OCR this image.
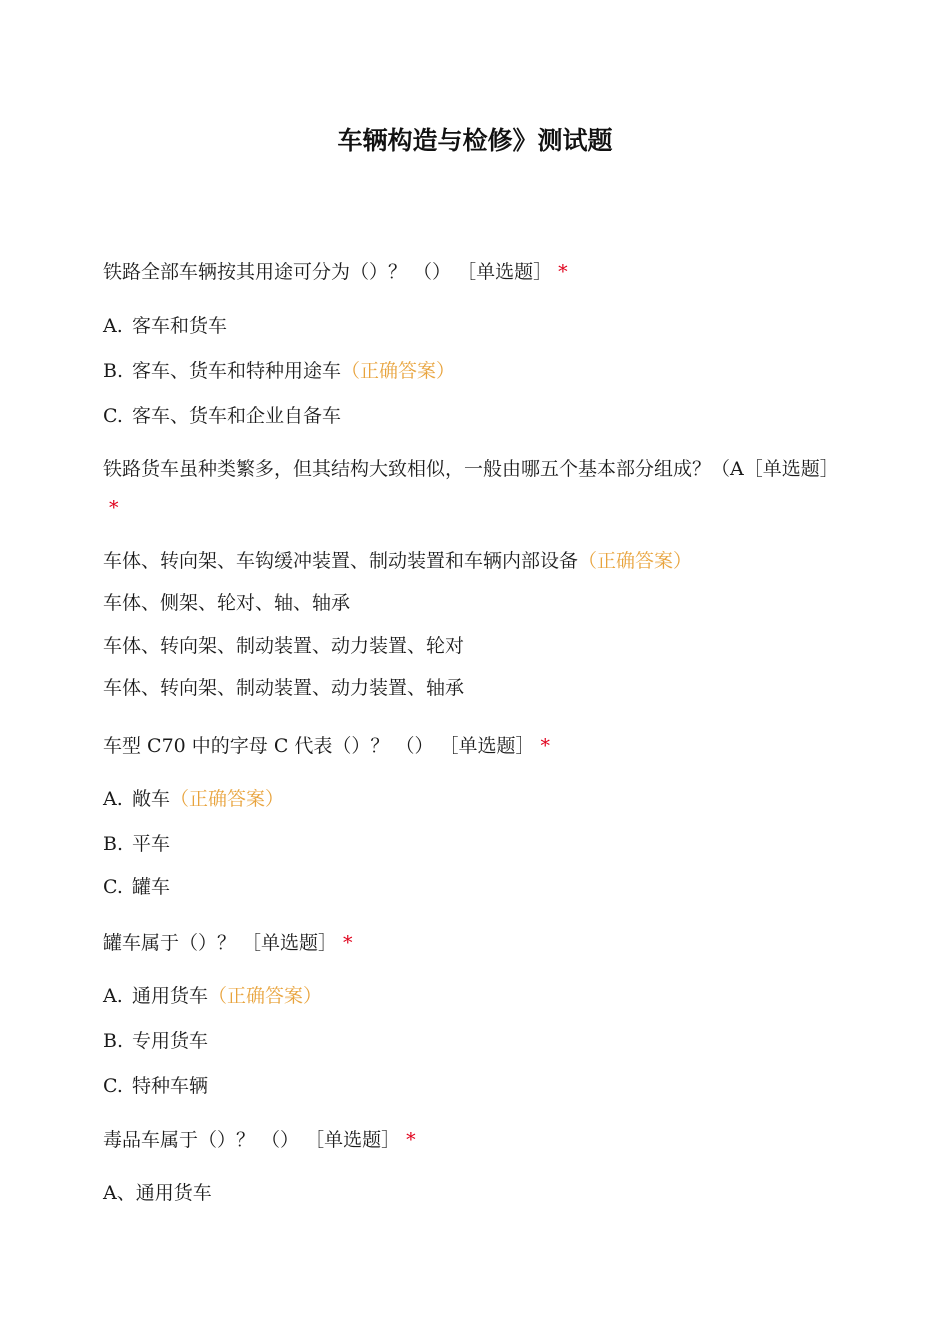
车辆构造与检修》测试题
铁路全部车辆按其用途可分为（）？ （） ［单选题］ *
A. 客车和货车
B. 客车、货车和特种用途车（正确答案）
C. 客车、货车和企业自备车
铁路货车虽种类繁多，但其结构大致相似，一般由哪五个基本部分组成？（A［单选题］*
车体、转向架、车钩缓冲装置、制动装置和车辆内部设备（正确答案）
车体、侧架、轮对、轴、轴承
车体、转向架、制动装置、动力装置、轮对
车体、转向架、制动装置、动力装置、轴承
车型 C70 中的字母 C 代表（）？ （） ［单选题］ *
A. 敞车（正确答案）
B. 平车
C. 罐车
罐车属于（）？ ［单选题］ *
A. 通用货车（正确答案）
B. 专用货车
C. 特种车辆
毒品车属于（）？ （） ［单选题］ *
A、通用货车
